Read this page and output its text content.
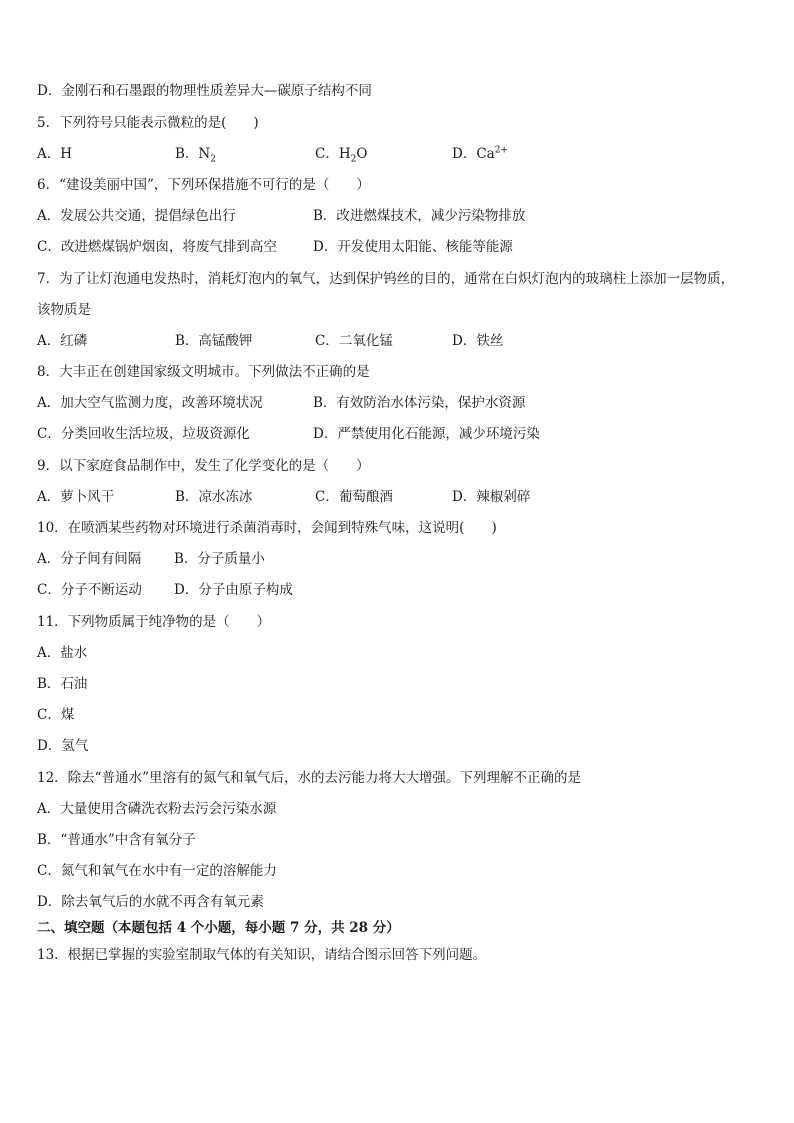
D．金刚石和石墨跟的物理性质差异大—碳原子结构不同
5．下列符号只能表示微粒的是(　　)
A．H	B．$N_2$	C．$H_2O$	D．$Ca^{2+}$
6．“建设美丽中国”，下列环保措施不可行的是（　　）
A．发展公共交通，提倡绿色出行	B．改进燃煤技术，减少污染物排放
C．改进燃煤锅炉烟囱，将废气排到高空	D．开发使用太阳能、核能等能源
7．为了让灯泡通电发热时，消耗灯泡内的氧气，达到保护钨丝的目的，通常在白炽灯泡内的玻璃柱上添加一层物质，
该物质是
A．红磷	B．高锰酸钾	C．二氧化锰	D．铁丝
8．大丰正在创建国家级文明城市。下列做法不正确的是
A．加大空气监测力度，改善环境状况	B．有效防治水体污染，保护水资源
C．分类回收生活垃圾，垃圾资源化	D．严禁使用化石能源，减少环境污染
9．以下家庭食品制作中，发生了化学变化的是（　　）
A．萝卜风干	B．凉水冻冰	C．葡萄酿酒	D．辣椒剁碎
10．在喷洒某些药物对环境进行杀菌消毒时，会闻到特殊气味，这说明(　　)
A．分子间有间隔 B．分子质量小
C．分子不断运动 D．分子由原子构成
11．下列物质属于纯净物的是（　　）
A．盐水
B．石油
C．煤
D．氢气
12．除去“普通水”里溶有的氮气和氧气后，水的去污能力将大大增强。下列理解不正确的是
A．大量使用含磷洗衣粉去污会污染水源
B．“普通水”中含有氧分子
C．氮气和氧气在水中有一定的溶解能力
D．除去氧气后的水就不再含有氧元素
二、填空题（本题包括 4 个小题，每小题 7 分，共 28 分）
13．根据已掌握的实验室制取气体的有关知识，请结合图示回答下列问题。
